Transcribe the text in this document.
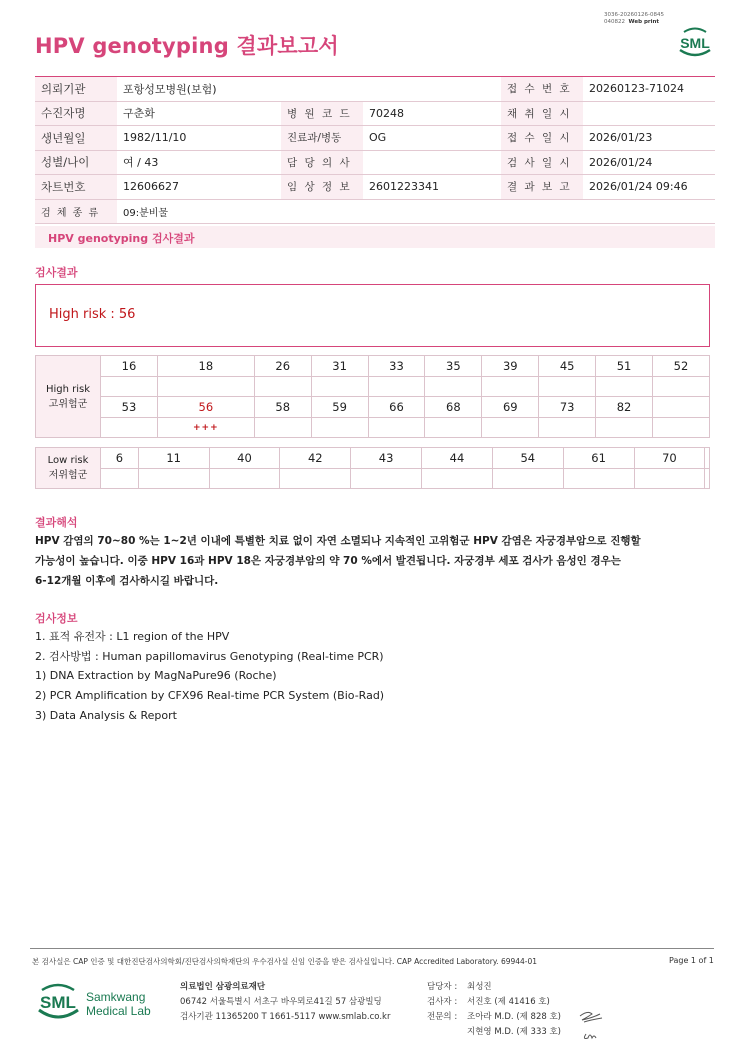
HPV genotyping 결과보고서
3036-20260126-0845
040822 Web print
SML
의뢰기관	포항성모병원(보험)			접 수 번 호	20260123-71024
수진자명	구춘화	병 원 코 드	70248	채 취 일 시	
생년월일	1982/11/10	진료과/병동	OG	접 수 일 시	2026/01/23
성별/나이	여 / 43	담 당 의 사		검 사 일 시	2026/01/24
차트번호	12606627	임 상 정 보	2601223341	결 과 보 고	2026/01/24 09:46
검 체 종 류	09:분비물				
HPV genotyping 검사결과
검사결과
High risk : 56
High risk
고위험군	16	18	26	31	33	35	39	45	51	52

	53	56	58	59	66	68	69	73	82	
		+++								
Low risk
저위험군	6	11	40	42	43	44	54	61	70	

결과해석
HPV 감염의 70~80 %는 1~2년 이내에 특별한 치료 없이 자연 소멸되나 지속적인 고위험군 HPV 감염은 자궁경부암으로 진행할
가능성이 높습니다. 이중 HPV 16과 HPV 18은 자궁경부암의 약 70 %에서 발견됩니다. 자궁경부 세포 검사가 음성인 경우는
6-12개월 이후에 검사하시길 바랍니다.
검사정보
1. 표적 유전자 : L1 region of the HPV
2. 검사방법 : Human papillomavirus Genotyping (Real-time PCR)
1) DNA Extraction by MagNaPure96 (Roche)
2) PCR Amplification by CFX96 Real-time PCR System (Bio-Rad)
3) Data Analysis & Report
본 검사실은 CAP 인증 및 대한진단검사의학회/진단검사의학재단의 우수검사실 신임 인증을 받은 검사실입니다. CAP Accredited Laboratory. 69944-01	Page 1 of 1
SML Samkwang
Medical Lab
의료법인 삼광의료재단
06742 서울특별시 서초구 바우뫼로41길 57 삼광빌딩
검사기관 11365200 T 1661-5117 www.smlab.co.kr
담당자 : 최성진
검사자 : 서진호 (제 41416 호)
전문의 : 조아라 M.D. (제 828 호)
지현영 M.D. (제 333 호)
